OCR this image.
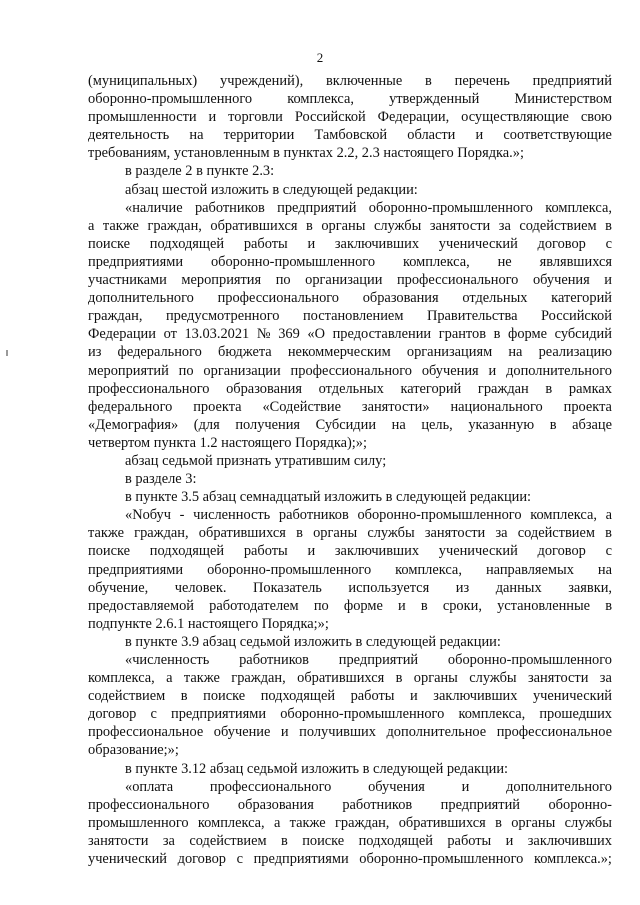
2
(муниципальных) учреждений), включенные в перечень предприятий
оборонно-промышленного комплекса, утвержденный Министерством
промышленности и торговли Российской Федерации, осуществляющие свою
деятельность на территории Тамбовской области и соответствующие
требованиям, установленным в пунктах 2.2, 2.3 настоящего Порядка.»;
в разделе 2 в пункте 2.3:
абзац шестой изложить в следующей редакции:
«наличие работников предприятий оборонно-промышленного комплекса,
а также граждан, обратившихся в органы службы занятости за содействием в
поиске подходящей работы и заключивших ученический договор с
предприятиями оборонно-промышленного комплекса, не являвшихся
участниками мероприятия по организации профессионального обучения и
дополнительного профессионального образования отдельных категорий
граждан, предусмотренного постановлением Правительства Российской
Федерации от 13.03.2021 № 369 «О предоставлении грантов в форме субсидий
из федерального бюджета некоммерческим организациям на реализацию
мероприятий по организации профессионального обучения и дополнительного
профессионального образования отдельных категорий граждан в рамках
федерального проекта «Содействие занятости» национального проекта
«Демография» (для получения Субсидии на цель, указанную в абзаце
четвертом пункта 1.2 настоящего Порядка);»;
абзац седьмой признать утратившим силу;
в разделе 3:
в пункте 3.5 абзац семнадцатый изложить в следующей редакции:
«Nобуч - численность работников оборонно-промышленного комплекса, а
также граждан, обратившихся в органы службы занятости за содействием в
поиске подходящей работы и заключивших ученический договор с
предприятиями оборонно-промышленного комплекса, направляемых на
обучение, человек. Показатель используется из данных заявки,
предоставляемой работодателем по форме и в сроки, установленные в
подпункте 2.6.1 настоящего Порядка;»;
в пункте 3.9 абзац седьмой изложить в следующей редакции:
«численность работников предприятий оборонно-промышленного
комплекса, а также граждан, обратившихся в органы службы занятости за
содействием в поиске подходящей работы и заключивших ученический
договор с предприятиями оборонно-промышленного комплекса, прошедших
профессиональное обучение и получивших дополнительное профессиональное
образование;»;
в пункте 3.12 абзац седьмой изложить в следующей редакции:
«оплата	профессионального	обучения	и	дополнительного
профессионального образования работников предприятий оборонно-
промышленного комплекса, а также граждан, обратившихся в органы службы
занятости за содействием в поиске подходящей работы и заключивших
ученический договор с предприятиями оборонно-промышленного комплекса.»;
